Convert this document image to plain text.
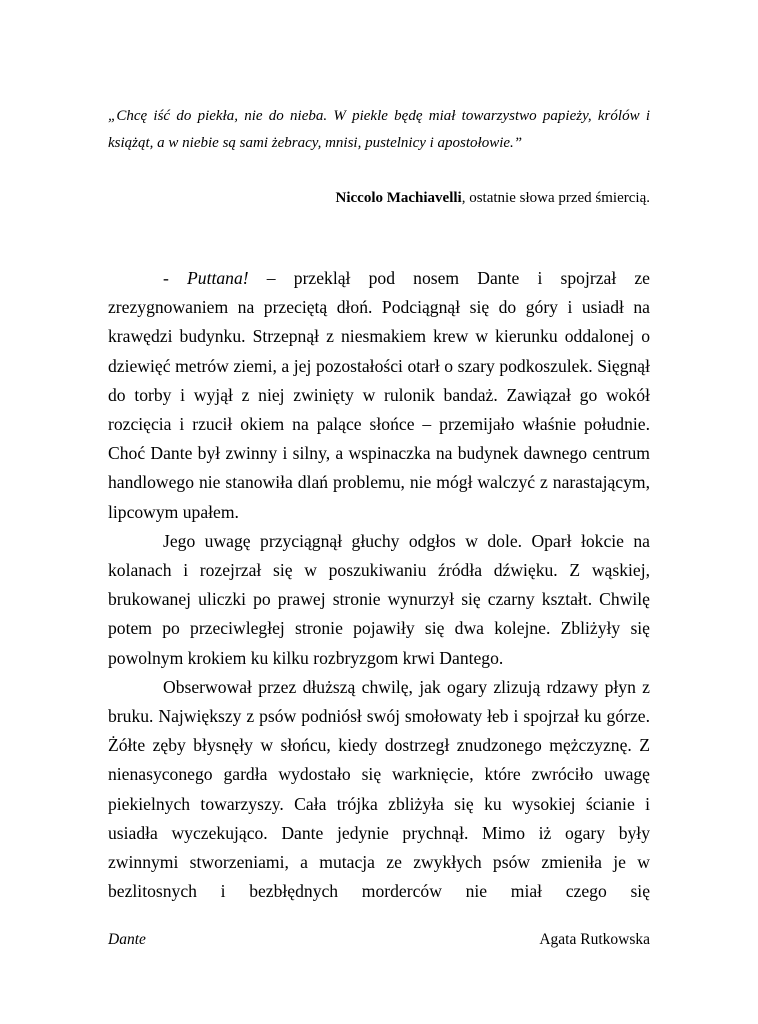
„Chcę iść do piekła, nie do nieba. W piekle będę miał towarzystwo papieży, królów i książąt, a w niebie są sami żebracy, mnisi, pustelnicy i apostołowie.”

Niccolo Machiavelli, ostatnie słowa przed śmiercią.

- Puttana! – przeklął pod nosem Dante i spojrzał ze zrezygnowaniem na przeciętą dłoń. Podciągnął się do góry i usiadł na krawędzi budynku. Strzepnął z niesmakiem krew w kierunku oddalonej o dziewięć metrów ziemi, a jej pozostałości otarł o szary podkoszulek. Sięgnął do torby i wyjął z niej zwinięty w rulonik bandaż. Zawiązał go wokół rozcięcia i rzucił okiem na palące słońce – przemijało właśnie południe. Choć Dante był zwinny i silny, a wspinaczka na budynek dawnego centrum handlowego nie stanowiła dlań problemu, nie mógł walczyć z narastającym, lipcowym upałem.

Jego uwagę przyciągnął głuchy odgłos w dole. Oparł łokcie na kolanach i rozejrzał się w poszukiwaniu źródła dźwięku. Z wąskiej, brukowanej uliczki po prawej stronie wynurzył się czarny kształt. Chwilę potem po przeciwległej stronie pojawiły się dwa kolejne. Zbliżyły się powolnym krokiem ku kilku rozbryzgom krwi Dantego.

Obserwował przez dłuższą chwilę, jak ogary zlizują rdzawy płyn z bruku. Największy z psów podniósł swój smołowaty łeb i spojrzał ku górze. Żółte zęby błysnęły w słońcu, kiedy dostrzegł znudzonego mężczyznę. Z nienasyconego gardła wydostało się warknięcie, które zwróciło uwagę piekielnych towarzyszy. Cała trójka zbliżyła się ku wysokiej ścianie i usiadła wyczekująco. Dante jedynie prychnął. Mimo iż ogary były zwinnymi stworzeniami, a mutacja ze zwykłych psów zmieniła je w bezlitosnych i bezbłędnych morderców nie miał czego się

Dante	Agata Rutkowska
